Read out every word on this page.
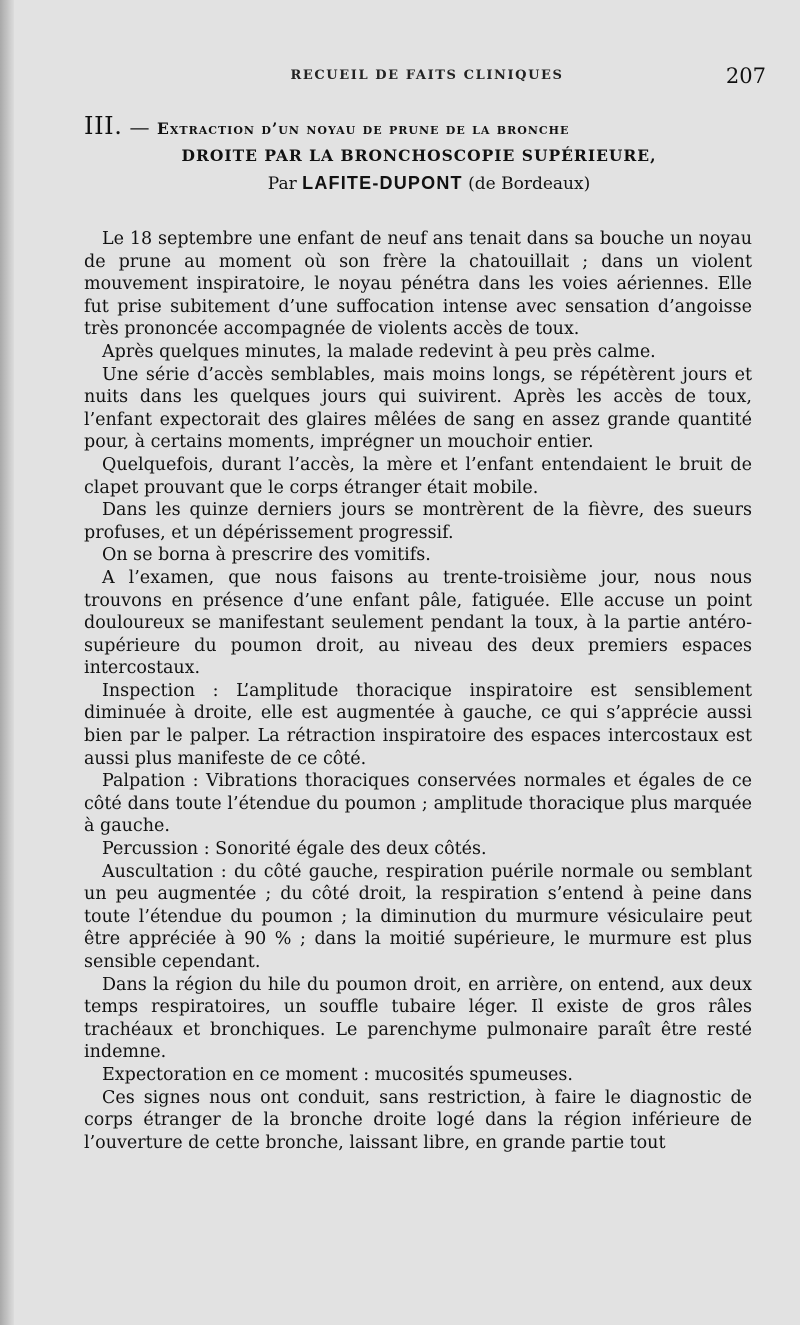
RECUEIL DE FAITS CLINIQUES	207
III. — Extraction d’un noyau de prune de la bronche
DROITE PAR LA BRONCHOSCOPIE SUPÉRIEURE,
Par LAFITE-DUPONT (de Bordeaux)

Le 18 septembre une enfant de neuf ans tenait dans sa bouche un noyau de prune au moment où son frère la chatouillait ; dans un violent mouvement inspiratoire, le noyau pénétra dans les voies aériennes. Elle fut prise subitement d’une suffocation intense avec sensation d’angoisse très prononcée accompagnée de violents accès de toux.

Après quelques minutes, la malade redevint à peu près calme.

Une série d’accès semblables, mais moins longs, se répétèrent jours et nuits dans les quelques jours qui suivirent. Après les accès de toux, l’enfant expectorait des glaires mêlées de sang en assez grande quantité pour, à certains moments, imprégner un mouchoir entier.

Quelquefois, durant l’accès, la mère et l’enfant entendaient le bruit de clapet prouvant que le corps étranger était mobile.

Dans les quinze derniers jours se montrèrent de la fièvre, des sueurs profuses, et un dépérissement progressif.

On se borna à prescrire des vomitifs.

A l’examen, que nous faisons au trente-troisième jour, nous nous trouvons en présence d’une enfant pâle, fatiguée. Elle accuse un point douloureux se manifestant seulement pendant la toux, à la partie antéro-supérieure du poumon droit, au niveau des deux premiers espaces intercostaux.

Inspection : L’amplitude thoracique inspiratoire est sensiblement diminuée à droite, elle est augmentée à gauche, ce qui s’apprécie aussi bien par le palper. La rétraction inspiratoire des espaces intercostaux est aussi plus manifeste de ce côté.

Palpation : Vibrations thoraciques conservées normales et égales de ce côté dans toute l’étendue du poumon ; amplitude thoracique plus marquée à gauche.

Percussion : Sonorité égale des deux côtés.

Auscultation : du côté gauche, respiration puérile normale ou semblant un peu augmentée ; du côté droit, la respiration s’entend à peine dans toute l’étendue du poumon ; la diminution du murmure vésiculaire peut être appréciée à 90 % ; dans la moitié supérieure, le murmure est plus sensible cependant.

Dans la région du hile du poumon droit, en arrière, on entend, aux deux temps respiratoires, un souffle tubaire léger. Il existe de gros râles trachéaux et bronchiques. Le parenchyme pulmonaire paraît être resté indemne.

Expectoration en ce moment : mucosités spumeuses.

Ces signes nous ont conduit, sans restriction, à faire le diagnostic de corps étranger de la bronche droite logé dans la région inférieure de l’ouverture de cette bronche, laissant libre, en grande partie tout
